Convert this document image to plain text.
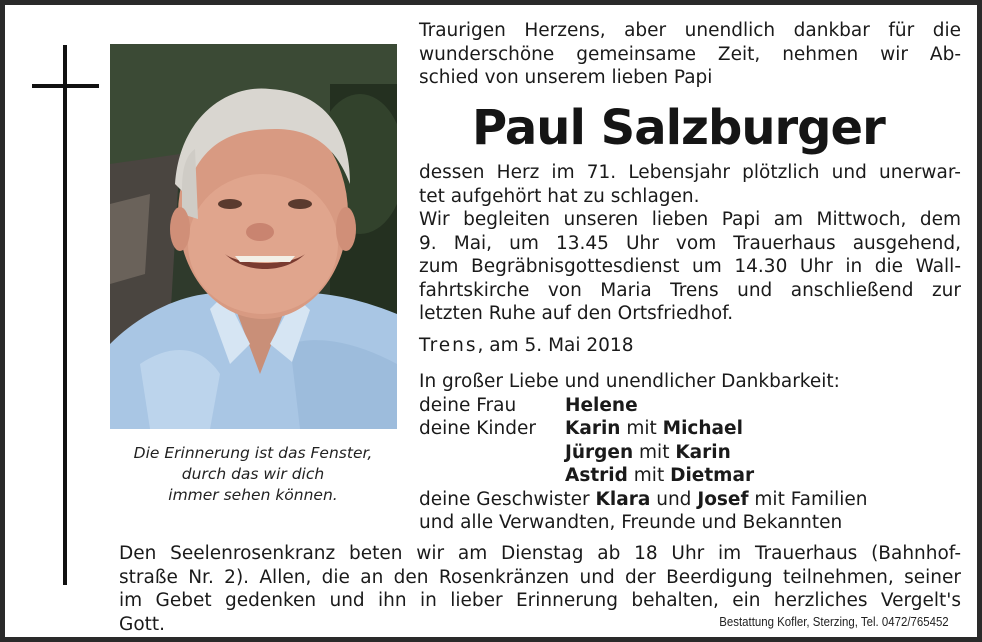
Die Erinnerung ist das Fenster,
durch das wir dich
immer sehen können.
Traurigen Herzens, aber unendlich dankbar für die
wunderschöne gemeinsame Zeit, nehmen wir Ab-
schied von unserem lieben Papi
Paul Salzburger
dessen Herz im 71. Lebensjahr plötzlich und unerwar-
tet aufgehört hat zu schlagen.
Wir begleiten unseren lieben Papi am Mittwoch, dem
9. Mai, um 13.45 Uhr vom Trauerhaus ausgehend,
zum Begräbnisgottesdienst um 14.30 Uhr in die Wall-
fahrtskirche von Maria Trens und anschließend zur
letzten Ruhe auf den Ortsfriedhof.
Trens, am 5. Mai 2018
In großer Liebe und unendlicher Dankbarkeit:
deine Frau	Helene
deine Kinder Karin mit Michael
Jürgen mit Karin
Astrid mit Dietmar
deine Geschwister Klara und Josef mit Familien
und alle Verwandten, Freunde und Bekannten
Den Seelenrosenkranz beten wir am Dienstag ab 18 Uhr im Trauerhaus (Bahnhof-
straße Nr. 2). Allen, die an den Rosenkränzen und der Beerdigung teilnehmen, seiner
im Gebet gedenken und ihn in lieber Erinnerung behalten, ein herzliches Vergelt's
Gott.	Bestattung Kofler, Sterzing, Tel. 0472/765452
